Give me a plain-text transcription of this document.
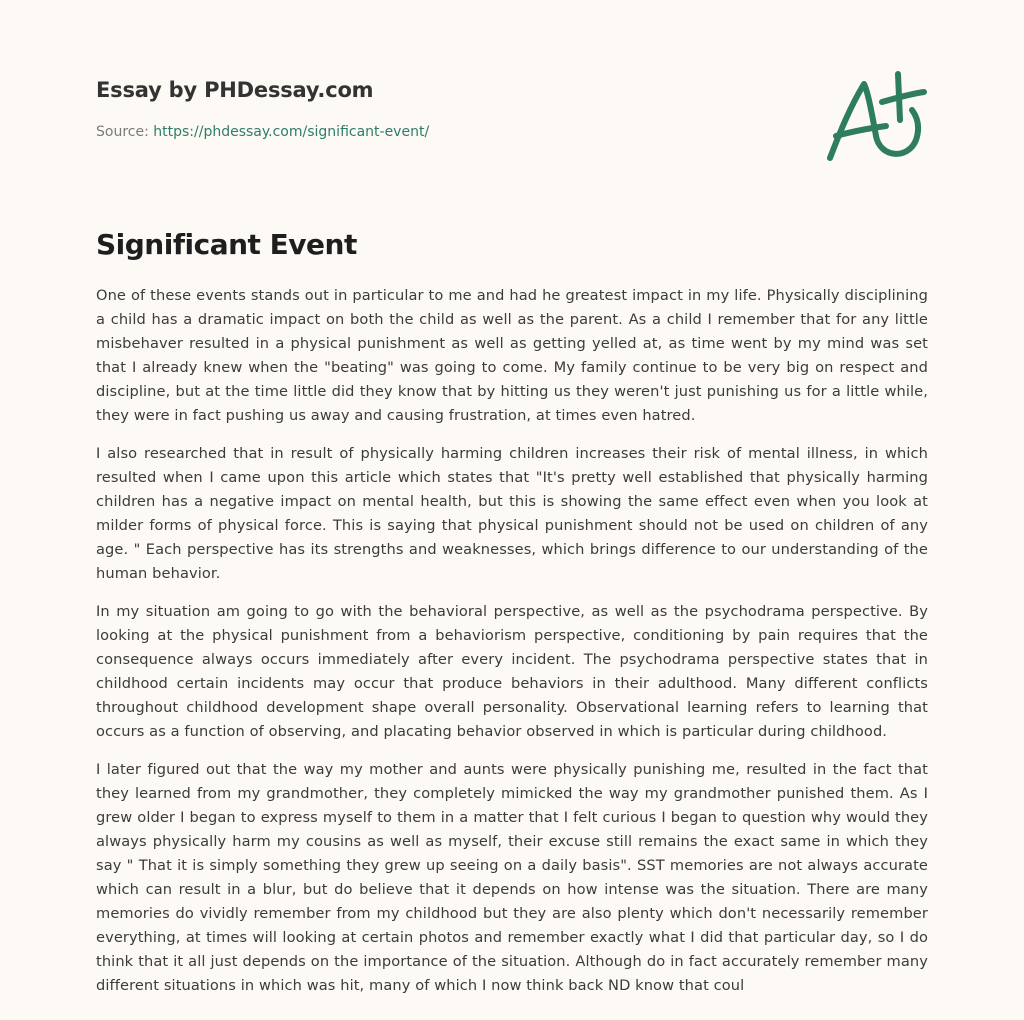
Essay by PHDessay.com
Source: https://phdessay.com/significant-event/
Significant Event

One of these events stands out in particular to me and had he greatest impact in my life. Physically disciplining a child has a dramatic impact on both the child as well as the parent. As a child I remember that for any little misbehaver resulted in a physical punishment as well as getting yelled at, as time went by my mind was set that I already knew when the "beating" was going to come. My family continue to be very big on respect and discipline, but at the time little did they know that by hitting us they weren't just punishing us for a little while, they were in fact pushing us away and causing frustration, at times even hatred.

I also researched that in result of physically harming children increases their risk of mental illness, in which resulted when I came upon this article which states that "It's pretty well established that physically harming children has a negative impact on mental health, but this is showing the same effect even when you look at milder forms of physical force. This is saying that physical punishment should not be used on children of any age. " Each perspective has its strengths and weaknesses, which brings difference to our understanding of the human behavior.

In my situation am going to go with the behavioral perspective, as well as the psychodrama perspective. By looking at the physical punishment from a behaviorism perspective, conditioning by pain requires that the consequence always occurs immediately after every incident. The psychodrama perspective states that in childhood certain incidents may occur that produce behaviors in their adulthood. Many different conflicts throughout childhood development shape overall personality. Observational learning refers to learning that occurs as a function of observing, and placating behavior observed in which is particular during childhood.

I later figured out that the way my mother and aunts were physically punishing me, resulted in the fact that they learned from my grandmother, they completely mimicked the way my grandmother punished them. As I grew older I began to express myself to them in a matter that I felt curious I began to question why would they always physically harm my cousins as well as myself, their excuse still remains the exact same in which they say " That it is simply something they grew up seeing on a daily basis". SST memories are not always accurate which can result in a blur, but do believe that it depends on how intense was the situation. There are many memories do vividly remember from my childhood but they are also plenty which don't necessarily remember everything, at times will looking at certain photos and remember exactly what I did that particular day, so I do think that it all just depends on the importance of the situation. Although do in fact accurately remember many different situations in which was hit, many of which I now think back ND know that coul
